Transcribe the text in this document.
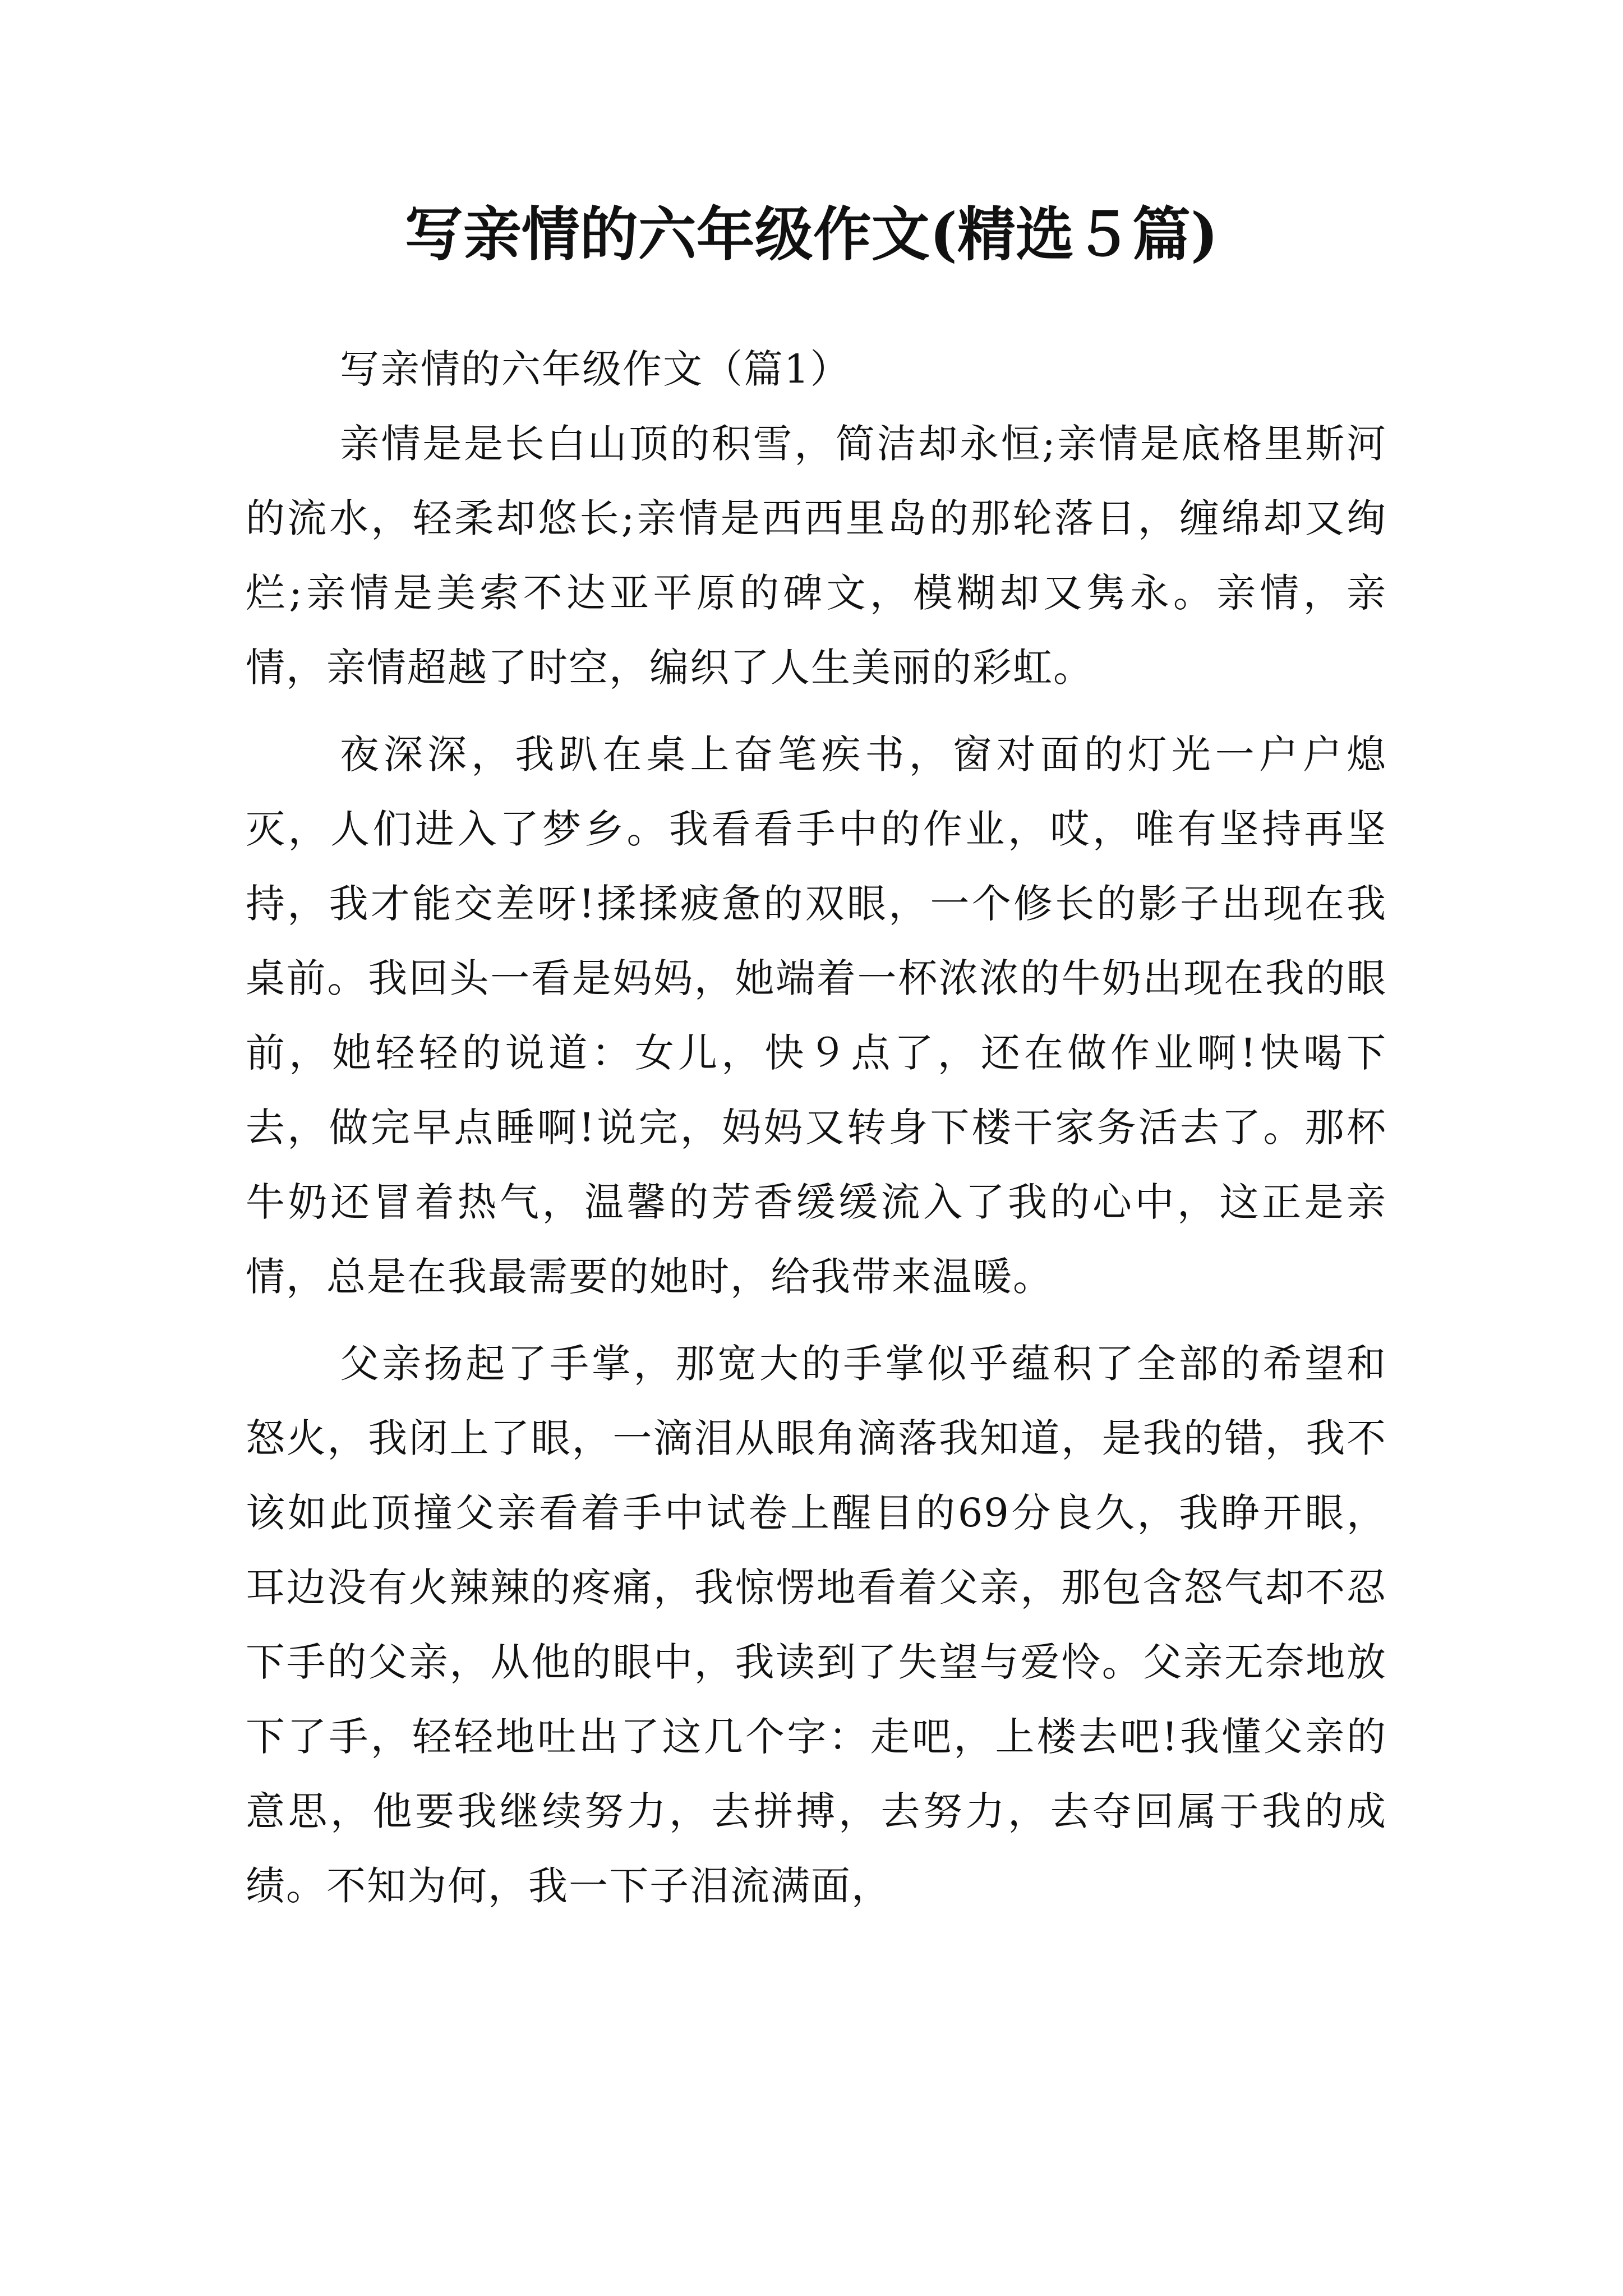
写亲情的六年级作文(精选５篇)
写亲情的六年级作文（篇1）

亲情是是长白山顶的积雪，简洁却永恒;亲情是底格里斯河的流水，轻柔却悠长;亲情是西西里岛的那轮落日，缠绵却又绚烂;亲情是美索不达亚平原的碑文，模糊却又隽永。亲情，亲情，亲情超越了时空，编织了人生美丽的彩虹。

夜深深，我趴在桌上奋笔疾书，窗对面的灯光一户户熄灭，人们进入了梦乡。我看看手中的作业，哎，唯有坚持再坚持，我才能交差呀!揉揉疲惫的双眼，一个修长的影子出现在我桌前。我回头一看是妈妈，她端着一杯浓浓的牛奶出现在我的眼前，她轻轻的说道：女儿，快９点了，还在做作业啊!快喝下去，做完早点睡啊!说完，妈妈又转身下楼干家务活去了。那杯牛奶还冒着热气，温馨的芳香缓缓流入了我的心中，这正是亲情，总是在我最需要的她时，给我带来温暖。

父亲扬起了手掌，那宽大的手掌似乎蕴积了全部的希望和怒火，我闭上了眼，一滴泪从眼角滴落我知道，是我的错，我不该如此顶撞父亲看着手中试卷上醒目的69分良久，我睁开眼，耳边没有火辣辣的疼痛，我惊愣地看着父亲，那包含怒气却不忍下手的父亲，从他的眼中，我读到了失望与爱怜。父亲无奈地放下了手，轻轻地吐出了这几个字：走吧，上楼去吧!我懂父亲的意思，他要我继续努力，去拼搏，去努力，去夺回属于我的成绩。不知为何，我一下子泪流满面，
